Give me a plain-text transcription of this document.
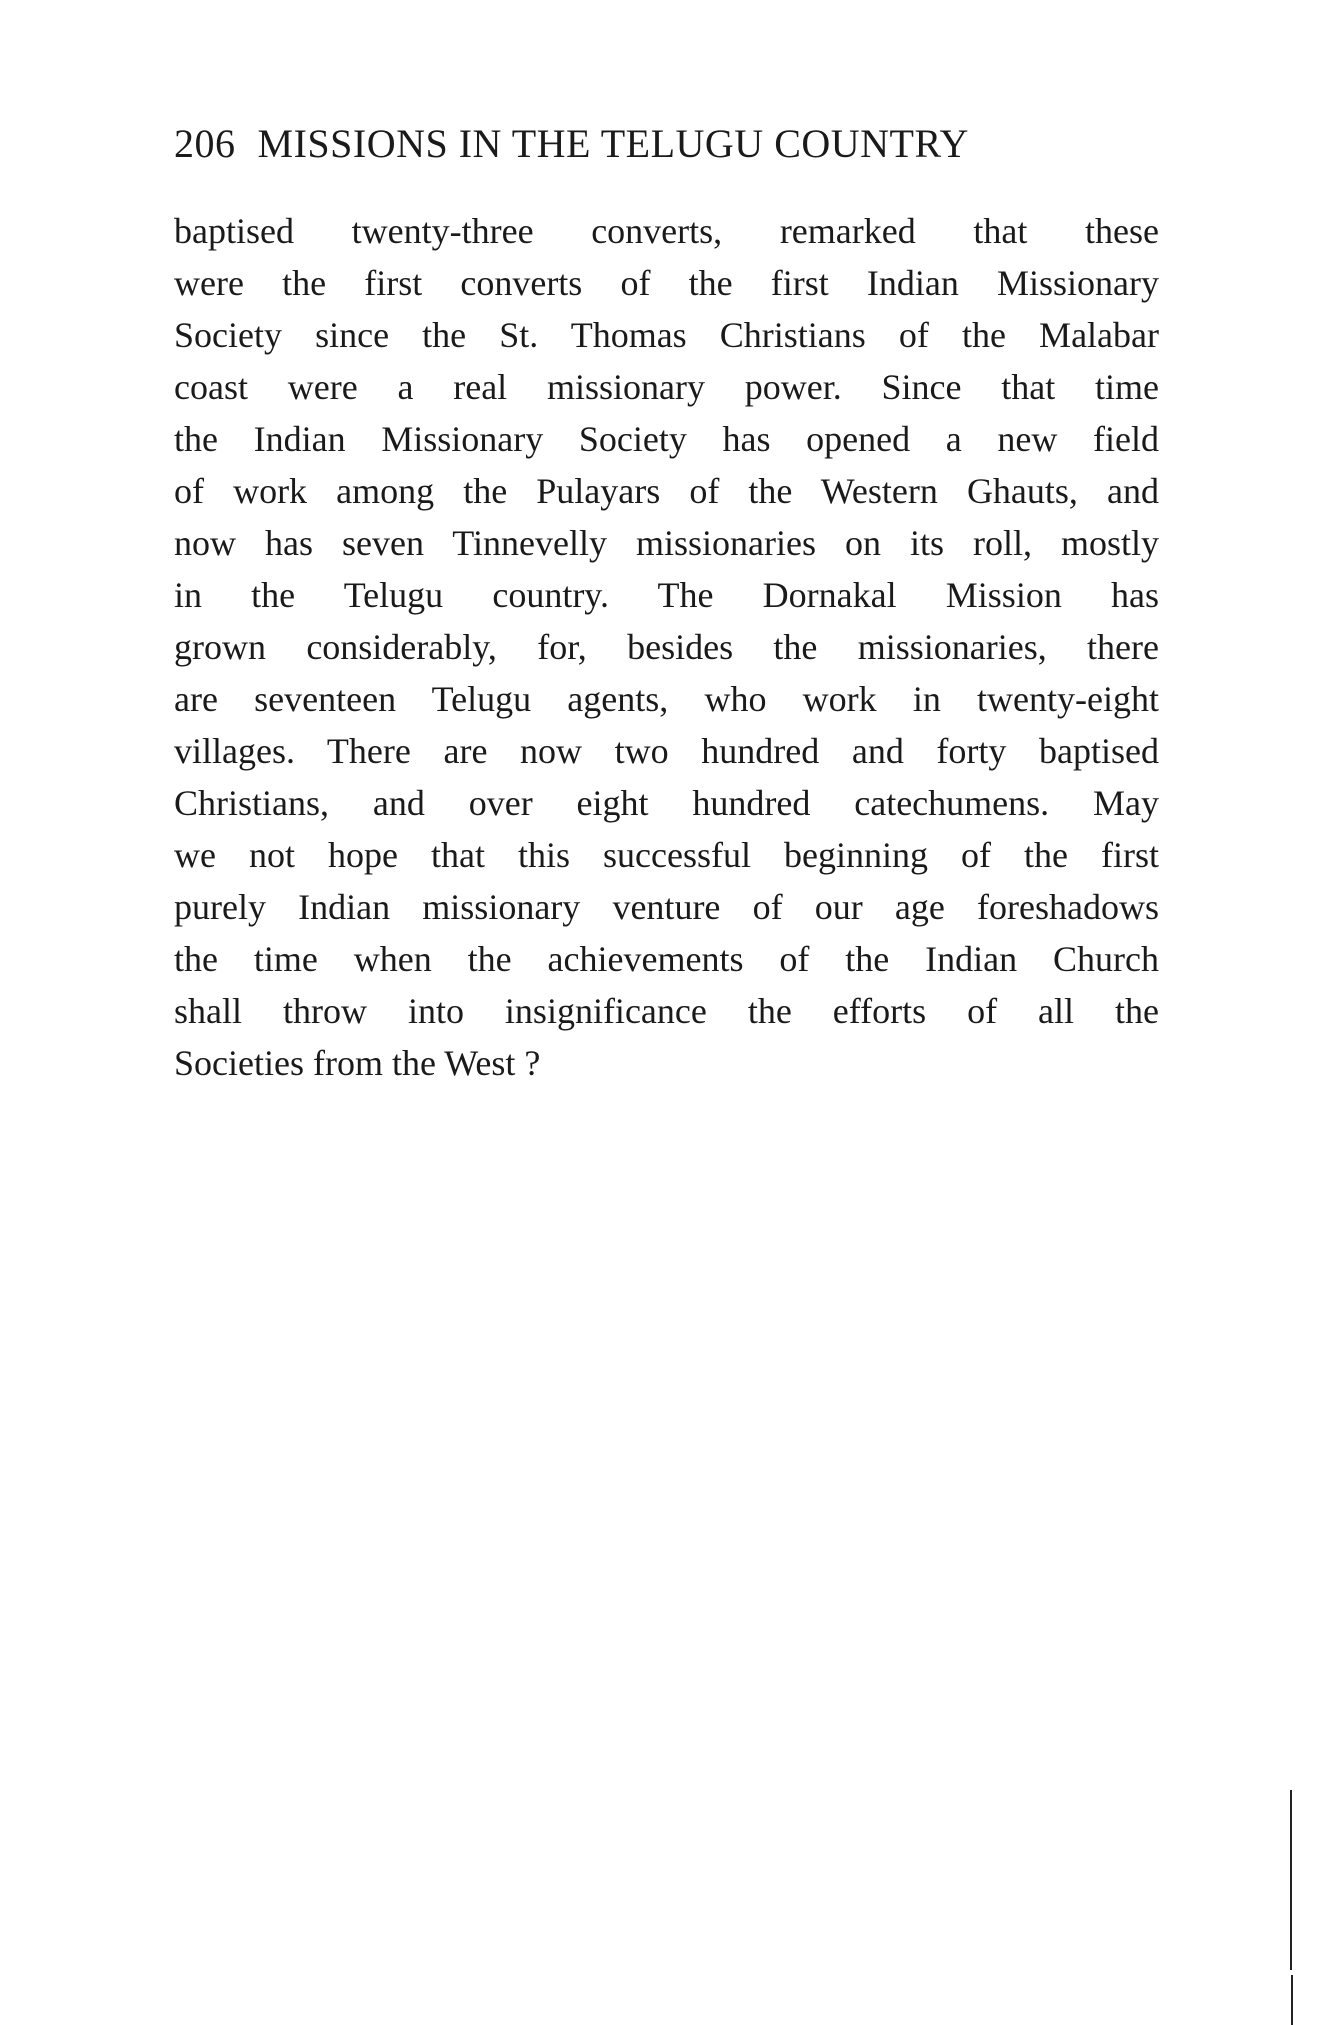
206 MISSIONS IN THE TELUGU COUNTRY
baptised twenty-three converts, remarked that these
were the first converts of the first Indian Missionary
Society since the St. Thomas Christians of the Malabar
coast were a real missionary power. Since that time
the Indian Missionary Society has opened a new field
of work among the Pulayars of the Western Ghauts, and
now has seven Tinnevelly missionaries on its roll, mostly
in the Telugu country. The Dornakal Mission has
grown considerably, for, besides the missionaries, there
are seventeen Telugu agents, who work in twenty-eight
villages. There are now two hundred and forty baptised
Christians, and over eight hundred catechumens. May
we not hope that this successful beginning of the first
purely Indian missionary venture of our age foreshadows
the time when the achievements of the Indian Church
shall throw into insignificance the efforts of all the
Societies from the West ?
